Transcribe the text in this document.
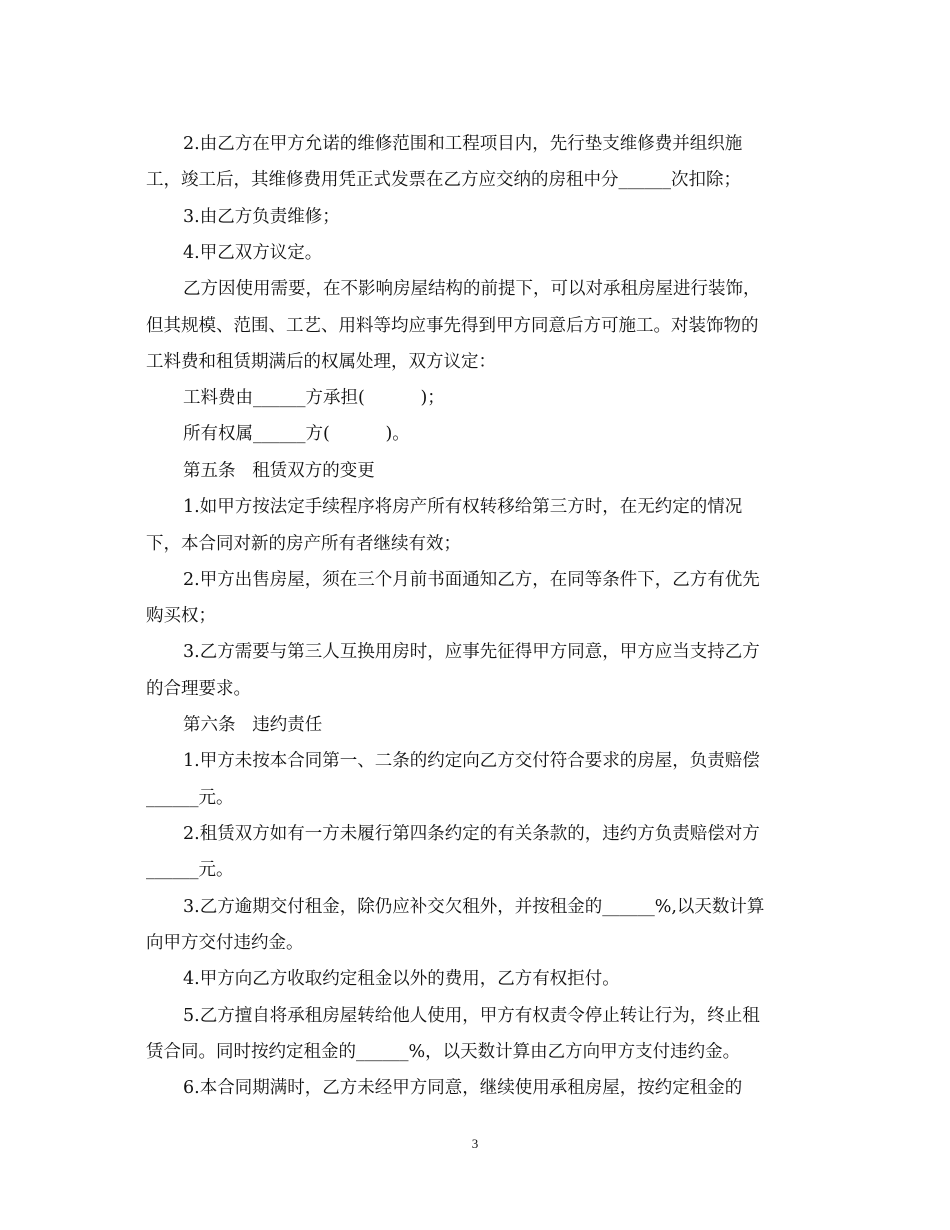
2.由乙方在甲方允诺的维修范围和工程项目内，先行垫支维修费并组织施
工，竣工后，其维修费用凭正式发票在乙方应交纳的房租中分______次扣除；
3.由乙方负责维修；
4.甲乙双方议定。
乙方因使用需要，在不影响房屋结构的前提下，可以对承租房屋进行装饰，
但其规模、范围、工艺、用料等均应事先得到甲方同意后方可施工。对装饰物的
工料费和租赁期满后的权属处理，双方议定：
工料费由______方承担(          )；
所有权属______方(          )。
第五条   租赁双方的变更
1.如甲方按法定手续程序将房产所有权转移给第三方时，在无约定的情况
下，本合同对新的房产所有者继续有效；
2.甲方出售房屋，须在三个月前书面通知乙方，在同等条件下，乙方有优先
购买权；
3.乙方需要与第三人互换用房时，应事先征得甲方同意，甲方应当支持乙方
的合理要求。
第六条   违约责任
1.甲方未按本合同第一、二条的约定向乙方交付符合要求的房屋，负责赔偿
______元。
2.租赁双方如有一方未履行第四条约定的有关条款的，违约方负责赔偿对方
______元。
3.乙方逾期交付租金，除仍应补交欠租外，并按租金的______%,以天数计算
向甲方交付违约金。
4.甲方向乙方收取约定租金以外的费用，乙方有权拒付。
5.乙方擅自将承租房屋转给他人使用，甲方有权责令停止转让行为，终止租
赁合同。同时按约定租金的______%，以天数计算由乙方向甲方支付违约金。
6.本合同期满时，乙方未经甲方同意，继续使用承租房屋，按约定租金的
3
